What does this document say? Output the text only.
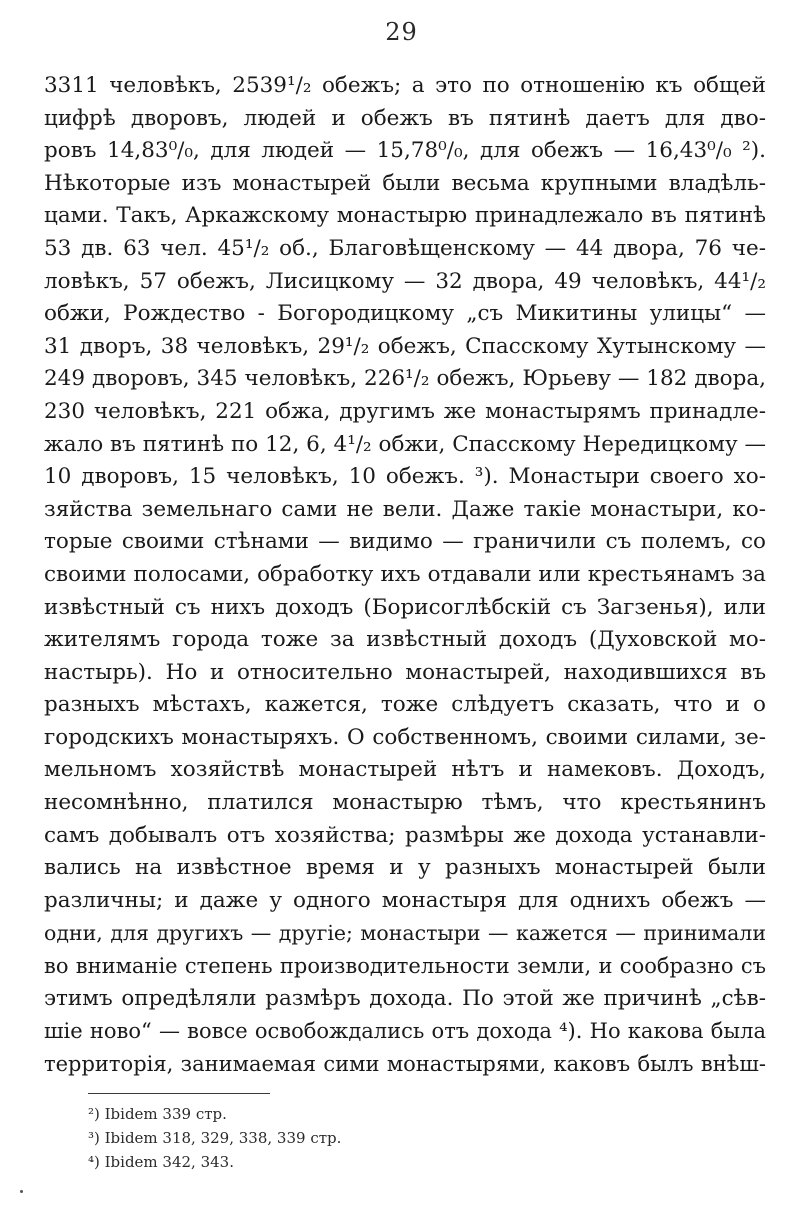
29
3311 человѣкъ, 2539¹/₂ обежъ; а это по отношенію къ общей
цифрѣ дворовъ, людей и обежъ въ пятинѣ даетъ для дво-
ровъ 14,83⁰/₀, для людей — 15,78⁰/₀, для обежъ — 16,43⁰/₀ ²).
Нѣкоторые изъ монастырей были весьма крупными владѣль-
цами. Такъ, Аркажскому монастырю принадлежало въ пятинѣ
53 дв. 63 чел. 45¹/₂ об., Благовѣщенскому — 44 двора, 76 че-
ловѣкъ, 57 обежъ, Лисицкому — 32 двора, 49 человѣкъ, 44¹/₂
обжи, Рождество - Богородицкому „съ Микитины улицы“ —
31 дворъ, 38 человѣкъ, 29¹/₂ обежъ, Спасскому Хутынскому —
249 дворовъ, 345 человѣкъ, 226¹/₂ обежъ, Юрьеву — 182 двора,
230 человѣкъ, 221 обжа, другимъ же монастырямъ принадле-
жало въ пятинѣ по 12, 6, 4¹/₂ обжи, Спасскому Нередицкому —
10 дворовъ, 15 человѣкъ, 10 обежъ. ³). Монастыри своего хо-
зяйства земельнаго сами не вели. Даже такіе монастыри, ко-
торые своими стѣнами — видимо — граничили съ полемъ, со
своими полосами, обработку ихъ отдавали или крестьянамъ за
извѣстный съ нихъ доходъ (Борисоглѣбскій съ Загзенья), или
жителямъ города тоже за извѣстный доходъ (Духовской мо-
настырь). Но и относительно монастырей, находившихся въ
разныхъ мѣстахъ, кажется, тоже слѣдуетъ сказать, что и о
городскихъ монастыряхъ. О собственномъ, своими силами, зе-
мельномъ хозяйствѣ монастырей нѣтъ и намековъ. Доходъ,
несомнѣнно, платился монастырю тѣмъ, что крестьянинъ
самъ добывалъ отъ хозяйства; размѣры же дохода устанавли-
вались на извѣстное время и у разныхъ монастырей были
различны; и даже у одного монастыря для однихъ обежъ —
одни, для другихъ — другіе; монастыри — кажется — принимали
во вниманіе степень производительности земли, и сообразно съ
этимъ опредѣляли размѣръ дохода. По этой же причинѣ „сѣв-
шіе ново“ — вовсе освобождались отъ дохода ⁴). Но какова была
территорія, занимаемая сими монастырями, каковъ былъ внѣш-
²) Ibidem 339 стр.
³) Ibidem 318, 329, 338, 339 стр.
⁴) Ibidem 342, 343.
